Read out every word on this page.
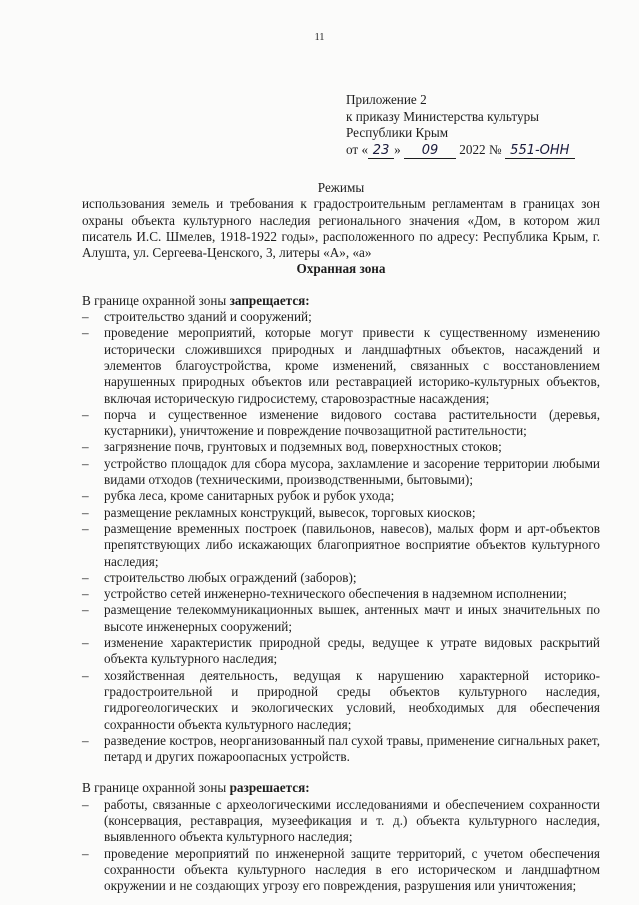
11
Приложение 2
к приказу Министерства культуры
Республики Крым
от « 23 » 09 2022 № 551-ОНН
Режимы
использования земель и требования к градостроительным регламентам в границах зон охраны объекта культурного наследия регионального значения «Дом, в котором жил писатель И.С. Шмелев, 1918-1922 годы», расположенного по адресу: Республика Крым, г. Алушта, ул. Сергеева-Ценского, 3, литеры «А», «а»
Охранная зона
В границе охранной зоны запрещается:
– строительство зданий и сооружений;
– проведение мероприятий, которые могут привести к существенному изменению исторически сложившихся природных и ландшафтных объектов, насаждений и элементов благоустройства, кроме изменений, связанных с восстановлением нарушенных природных объектов или реставрацией историко-культурных объектов, включая историческую гидросистему, старовозрастные насаждения;
– порча и существенное изменение видового состава растительности (деревья, кустарники), уничтожение и повреждение почвозащитной растительности;
– загрязнение почв, грунтовых и подземных вод, поверхностных стоков;
– устройство площадок для сбора мусора, захламление и засорение территории любыми видами отходов (техническими, производственными, бытовыми);
– рубка леса, кроме санитарных рубок и рубок ухода;
– размещение рекламных конструкций, вывесок, торговых киосков;
– размещение временных построек (павильонов, навесов), малых форм и арт-объектов препятствующих либо искажающих благоприятное восприятие объектов культурного наследия;
– строительство любых ограждений (заборов);
– устройство сетей инженерно-технического обеспечения в надземном исполнении;
– размещение телекоммуникационных вышек, антенных мачт и иных значительных по высоте инженерных сооружений;
– изменение характеристик природной среды, ведущее к утрате видовых раскрытий объекта культурного наследия;
– хозяйственная деятельность, ведущая к нарушению характерной историко-градостроительной и природной среды объектов культурного наследия, гидрогеологических и экологических условий, необходимых для обеспечения сохранности объекта культурного наследия;
– разведение костров, неорганизованный пал сухой травы, применение сигнальных ракет, петард и других пожароопасных устройств.
В границе охранной зоны разрешается:
– работы, связанные с археологическими исследованиями и обеспечением сохранности (консервация, реставрация, музеефикация и т. д.) объекта культурного наследия, выявленного объекта культурного наследия;
– проведение мероприятий по инженерной защите территорий, с учетом обеспечения сохранности объекта культурного наследия в его историческом и ландшафтном окружении и не создающих угрозу его повреждения, разрушения или уничтожения;
